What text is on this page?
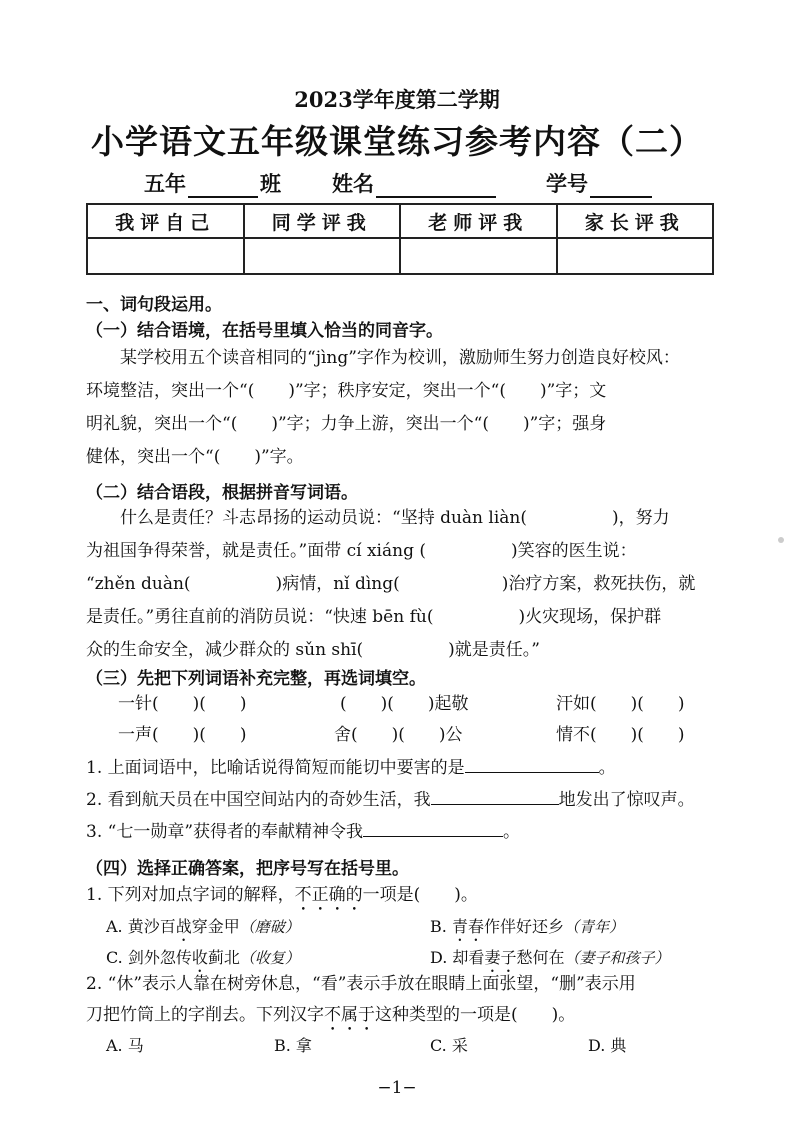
2023学年度第二学期
小学语文五年级课堂练习参考内容（二）
五年	班 姓名	学号
我评自己	同学评我	老师评我	家长评我

一、词句段运用。
（一）结合语境，在括号里填入恰当的同音字。
某学校用五个读音相同的“jìng”字作为校训，激励师生努力创造良好校风：
环境整洁，突出一个“(　　)”字；秩序安定，突出一个“(　　)”字；文
明礼貌，突出一个“(　　)”字；力争上游，突出一个“(　　)”字；强身
健体，突出一个“(　　)”字。
（二）结合语段，根据拼音写词语。
什么是责任？斗志昂扬的运动员说：“坚持 duàn liàn(　　　　　)，努力
为祖国争得荣誉，就是责任。”面带 cí xiáng (　　　　　)笑容的医生说：
“zhěn duàn(　　　　　)病情，nǐ dìng(　　　　　　)治疗方案，救死扶伤，就
是责任。”勇往直前的消防员说：“快速 bēn fù(　　　　　)火灾现场，保护群
众的生命安全，减少群众的 sǔn shī(　　　　　)就是责任。”
（三）先把下列词语补充完整，再选词填空。
一针(　　)(　　)	(　　)(　　)起敬	汗如(　　)(　　)
一声(　　)(　　)	舍(　　)(　　)公	情不(　　)(　　)
1. 上面词语中，比喻话说得简短而能切中要害的是	。
2. 看到航天员在中国空间站内的奇妙生活，我	地发出了惊叹声。
3. “七一勋章”获得者的奉献精神令我	。
（四）选择正确答案，把序号写在括号里。
1. 下列对加点字词的解释，不正确的一项是(　　)。
A. 黄沙百战穿金甲（磨破）	B. 青春作伴好还乡（青年）
C. 剑外忽传收蓟北（收复）	D. 却看妻子愁何在（妻子和孩子）
2. “休”表示人靠在树旁休息，“看”表示手放在眼睛上面张望，“删”表示用
刀把竹筒上的字削去。下列汉字不属于这种类型的一项是(　　)。
A. 马	B. 拿	C. 采	D. 典
−1−
